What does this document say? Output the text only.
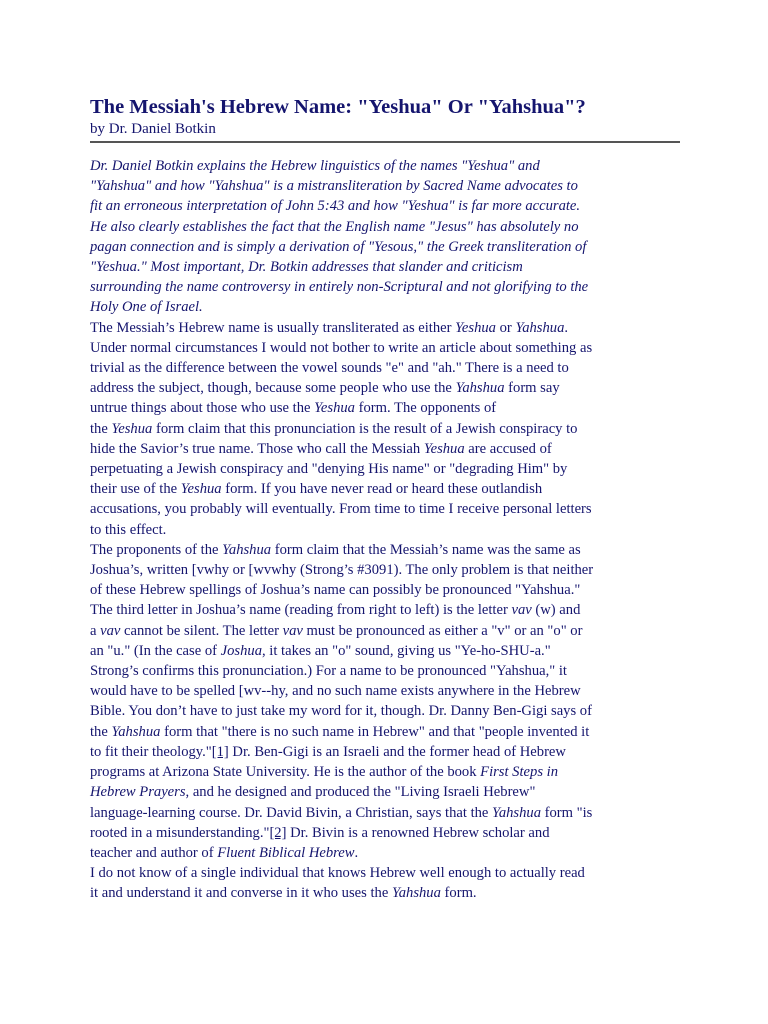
The Messiah's Hebrew Name: "Yeshua" Or "Yahshua"?
by Dr. Daniel Botkin
Dr. Daniel Botkin explains the Hebrew linguistics of the names "Yeshua" and
"Yahshua" and how "Yahshua" is a mistransliteration by Sacred Name advocates to
fit an erroneous interpretation of John 5:43 and how "Yeshua" is far more accurate.
He also clearly establishes the fact that the English name "Jesus" has absolutely no
pagan connection and is simply a derivation of "Yesous," the Greek transliteration of
"Yeshua." Most important, Dr. Botkin addresses that slander and criticism
surrounding the name controversy in entirely non-Scriptural and not glorifying to the
Holy One of Israel.
The Messiah’s Hebrew name is usually transliterated as either Yeshua or Yahshua.
Under normal circumstances I would not bother to write an article about something as
trivial as the difference between the vowel sounds "e" and "ah." There is a need to
address the subject, though, because some people who use the Yahshua form say
untrue things about those who use the Yeshua form. The opponents of
the Yeshua form claim that this pronunciation is the result of a Jewish conspiracy to
hide the Savior’s true name. Those who call the Messiah Yeshua are accused of
perpetuating a Jewish conspiracy and "denying His name" or "degrading Him" by
their use of the Yeshua form. If you have never read or heard these outlandish
accusations, you probably will eventually. From time to time I receive personal letters
to this effect.
The proponents of the Yahshua form claim that the Messiah’s name was the same as
Joshua’s, written [vwhy or [wvwhy (Strong’s #3091). The only problem is that neither
of these Hebrew spellings of Joshua’s name can possibly be pronounced "Yahshua."
The third letter in Joshua’s name (reading from right to left) is the letter vav (w) and
a vav cannot be silent. The letter vav must be pronounced as either a "v" or an "o" or
an "u." (In the case of Joshua, it takes an "o" sound, giving us "Ye-ho-SHU-a."
Strong’s confirms this pronunciation.) For a name to be pronounced "Yahshua," it
would have to be spelled [wv--hy, and no such name exists anywhere in the Hebrew
Bible. You don’t have to just take my word for it, though. Dr. Danny Ben-Gigi says of
the Yahshua form that "there is no such name in Hebrew" and that "people invented it
to fit their theology."[1] Dr. Ben-Gigi is an Israeli and the former head of Hebrew
programs at Arizona State University. He is the author of the book First Steps in
Hebrew Prayers, and he designed and produced the "Living Israeli Hebrew"
language-learning course. Dr. David Bivin, a Christian, says that the Yahshua form "is
rooted in a misunderstanding."[2] Dr. Bivin is a renowned Hebrew scholar and
teacher and author of Fluent Biblical Hebrew.
I do not know of a single individual that knows Hebrew well enough to actually read
it and understand it and converse in it who uses the Yahshua form.
